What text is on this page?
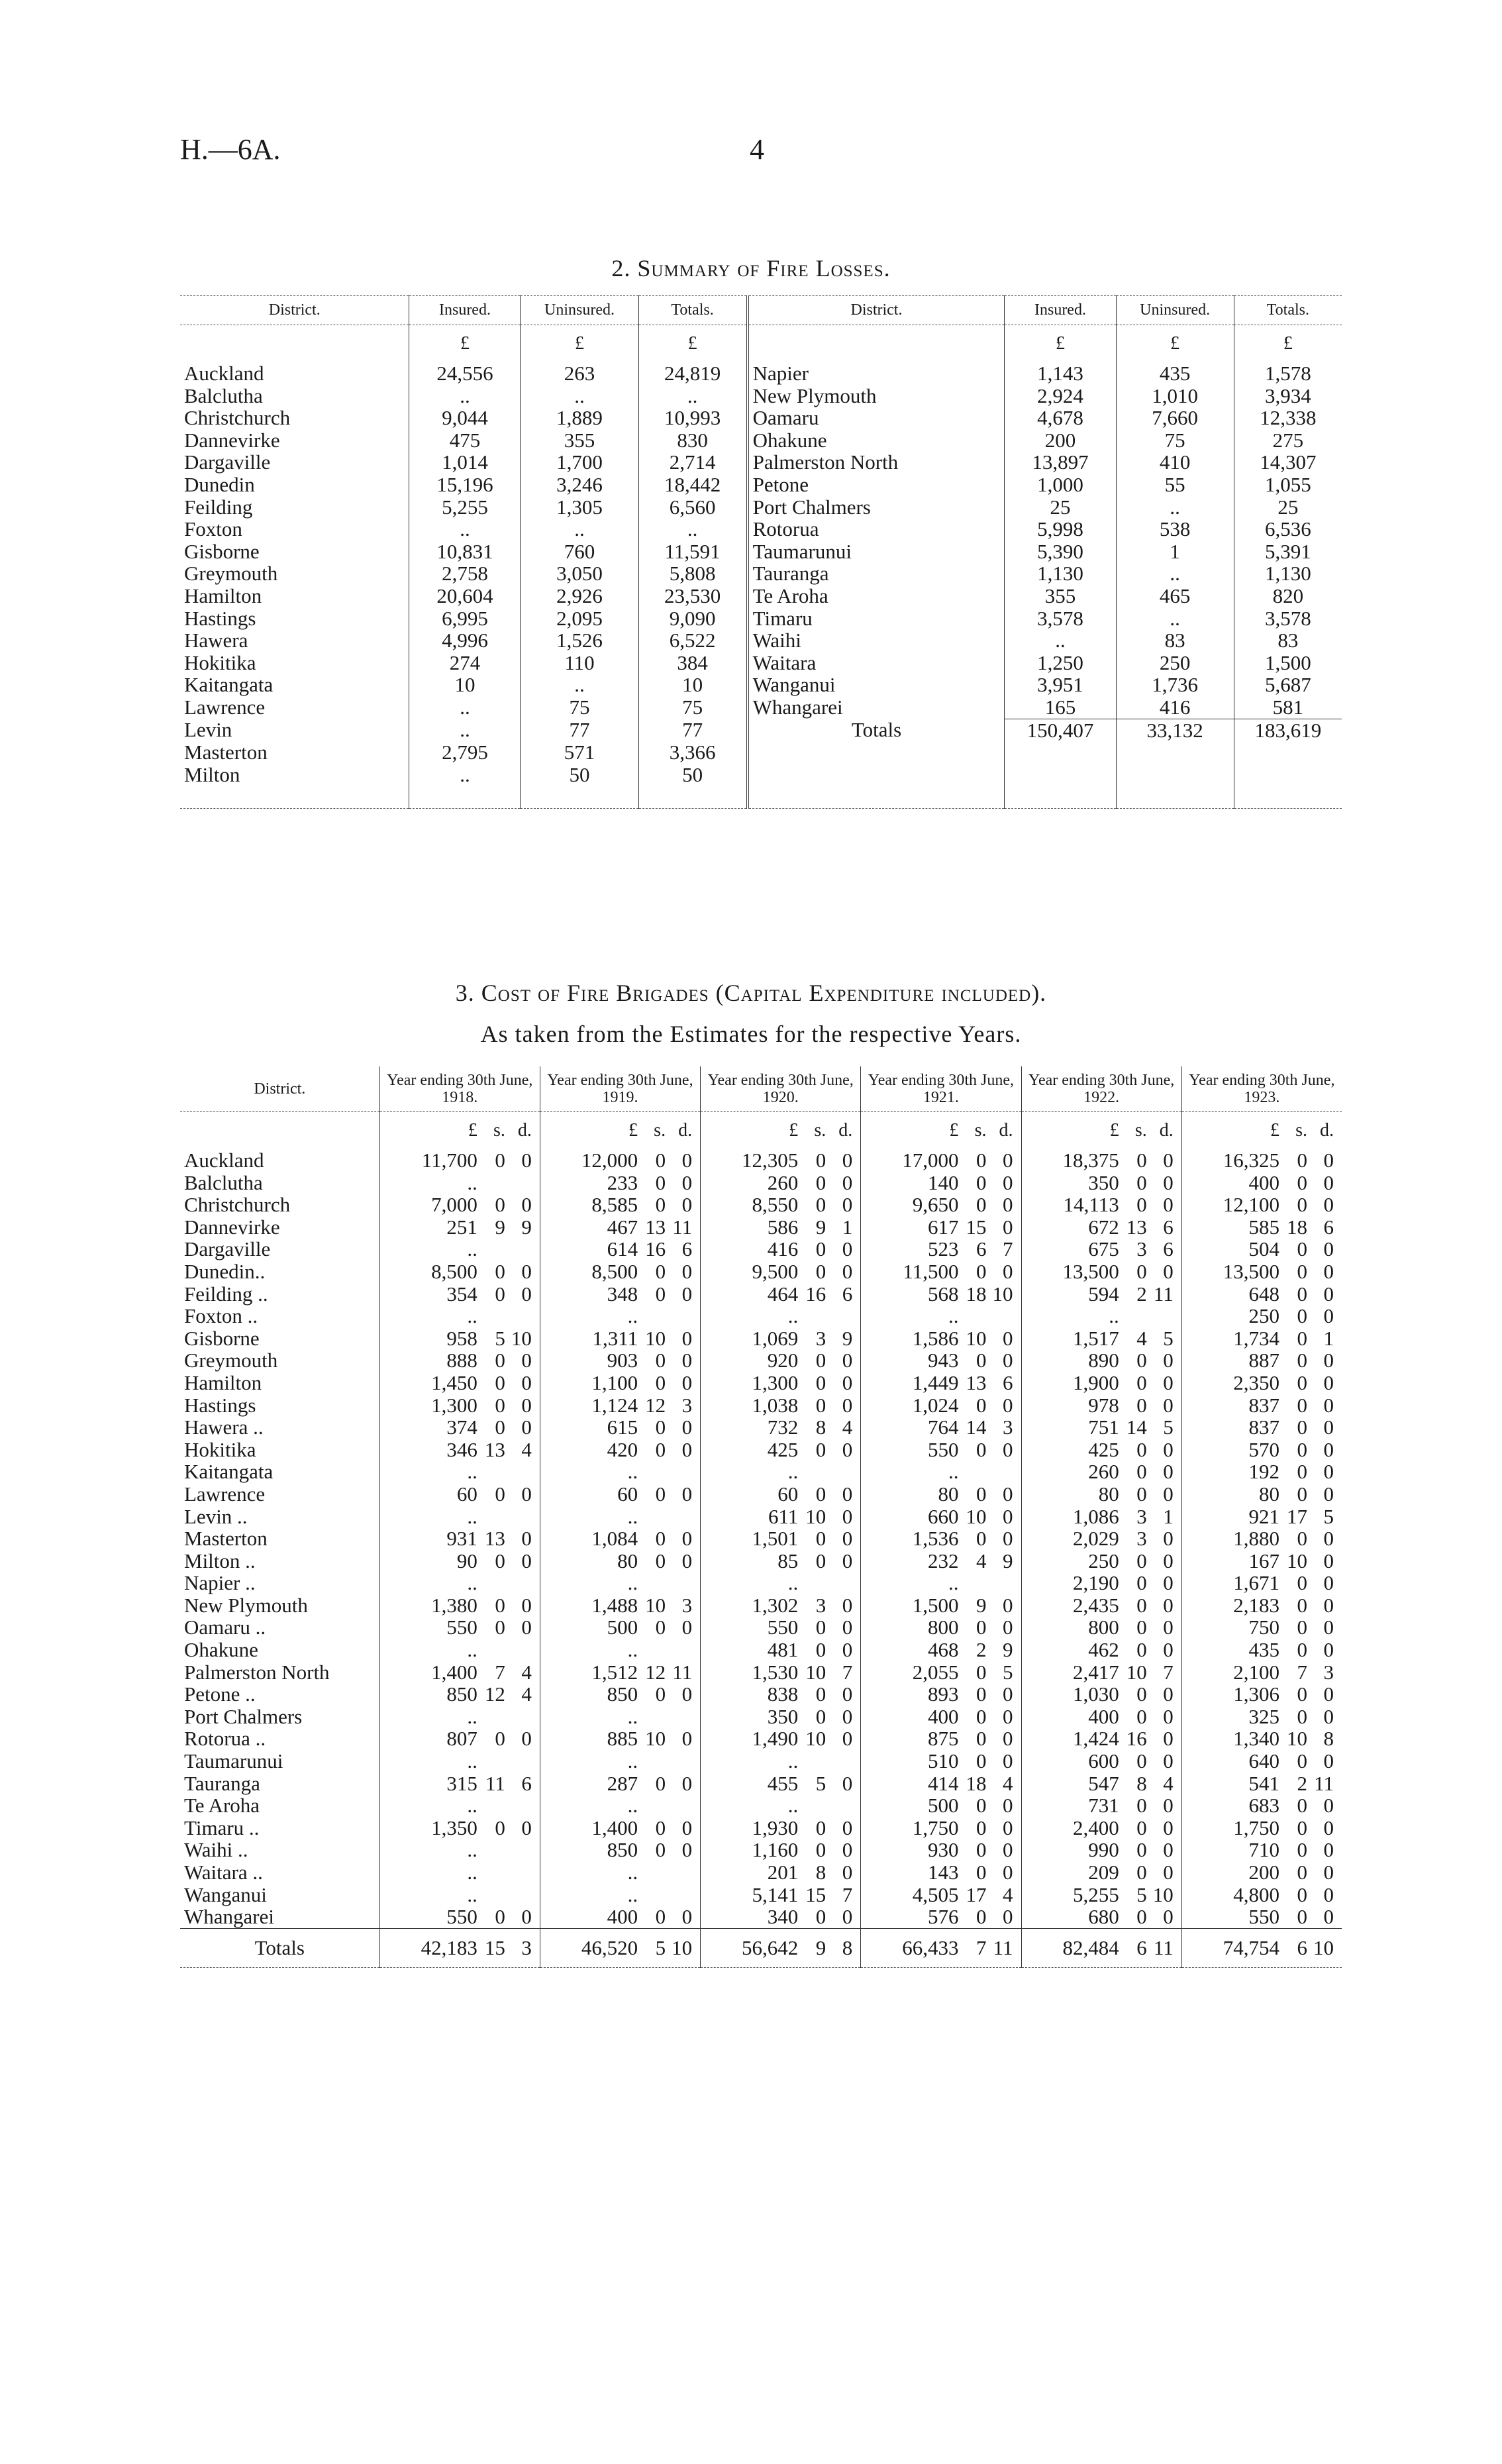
H.—6A.	4
2. Summary of Fire Losses.
District.	Insured.	Uninsured.	Totals.	District.	Insured.	Uninsured.	Totals.
	£	£	£		£	£	£
Auckland	24,556	263	24,819	Napier	1,143	435	1,578
Balclutha	..	..	..	New Plymouth	2,924	1,010	3,934
Christchurch	9,044	1,889	10,993	Oamaru	4,678	7,660	12,338
Dannevirke	475	355	830	Ohakune	200	75	275
Dargaville	1,014	1,700	2,714	Palmerston North	13,897	410	14,307
Dunedin	15,196	3,246	18,442	Petone	1,000	55	1,055
Feilding	5,255	1,305	6,560	Port Chalmers	25	..	25
Foxton	..	..	..	Rotorua	5,998	538	6,536
Gisborne	10,831	760	11,591	Taumarunui	5,390	1	5,391
Greymouth	2,758	3,050	5,808	Tauranga	1,130	..	1,130
Hamilton	20,604	2,926	23,530	Te Aroha	355	465	820
Hastings	6,995	2,095	9,090	Timaru	3,578	..	3,578
Hawera	4,996	1,526	6,522	Waihi	..	83	83
Hokitika	274	110	384	Waitara	1,250	250	1,500
Kaitangata	10	..	10	Wanganui	3,951	1,736	5,687
Lawrence	..	75	75	Whangarei	165	416	581
Levin	..	77	77	Totals	150,407	33,132	183,619
Masterton	2,795	571	3,366				
Milton	..	50	50				

3. Cost of Fire Brigades (Capital Expenditure included).
As taken from the Estimates for the respective Years.
District.	Year ending 30th June, 1918.	Year ending 30th June, 1919.	Year ending 30th June, 1920.	Year ending 30th June, 1921.	Year ending 30th June, 1922.	Year ending 30th June, 1923.

	£ s. d.	£ s. d.	£ s. d.	£ s. d.	£ s. d.	£ s. d.

Auckland	11,700 0 0	12,000 0 0	12,305 0 0	17,000 0 0	18,375 0 0	16,325 0 0

Balclutha	..	233 0 0	260 0 0	140 0 0	350 0 0	400 0 0

Christchurch	7,000 0 0	8,585 0 0	8,550 0 0	9,650 0 0	14,113 0 0	12,100 0 0

Dannevirke	251 9 9	467 13 11	586 9 1	617 15 0	672 13 6	585 18 6

Dargaville	..	614 16 6	416 0 0	523 6 7	675 3 6	504 0 0

Dunedin..	8,500 0 0	8,500 0 0	9,500 0 0	11,500 0 0	13,500 0 0	13,500 0 0

Feilding ..	354 0 0	348 0 0	464 16 6	568 18 10	594 2 11	648 0 0

Foxton ..	..	..	..	..	..	250 0 0

Gisborne	958 5 10	1,311 10 0	1,069 3 9	1,586 10 0	1,517 4 5	1,734 0 1

Greymouth	888 0 0	903 0 0	920 0 0	943 0 0	890 0 0	887 0 0

Hamilton	1,450 0 0	1,100 0 0	1,300 0 0	1,449 13 6	1,900 0 0	2,350 0 0

Hastings	1,300 0 0	1,124 12 3	1,038 0 0	1,024 0 0	978 0 0	837 0 0

Hawera ..	374 0 0	615 0 0	732 8 4	764 14 3	751 14 5	837 0 0

Hokitika	346 13 4	420 0 0	425 0 0	550 0 0	425 0 0	570 0 0

Kaitangata	..	..	..	..	260 0 0	192 0 0

Lawrence	60 0 0	60 0 0	60 0 0	80 0 0	80 0 0	80 0 0

Levin ..	..	..	611 10 0	660 10 0	1,086 3 1	921 17 5

Masterton	931 13 0	1,084 0 0	1,501 0 0	1,536 0 0	2,029 3 0	1,880 0 0

Milton ..	90 0 0	80 0 0	85 0 0	232 4 9	250 0 0	167 10 0

Napier ..	..	..	..	..	2,190 0 0	1,671 0 0

New Plymouth	1,380 0 0	1,488 10 3	1,302 3 0	1,500 9 0	2,435 0 0	2,183 0 0

Oamaru ..	550 0 0	500 0 0	550 0 0	800 0 0	800 0 0	750 0 0

Ohakune	..	..	481 0 0	468 2 9	462 0 0	435 0 0

Palmerston North	1,400 7 4	1,512 12 11	1,530 10 7	2,055 0 5	2,417 10 7	2,100 7 3

Petone ..	850 12 4	850 0 0	838 0 0	893 0 0	1,030 0 0	1,306 0 0

Port Chalmers	..	..	350 0 0	400 0 0	400 0 0	325 0 0

Rotorua ..	807 0 0	885 10 0	1,490 10 0	875 0 0	1,424 16 0	1,340 10 8

Taumarunui	..	..	..	510 0 0	600 0 0	640 0 0

Tauranga	315 11 6	287 0 0	455 5 0	414 18 4	547 8 4	541 2 11

Te Aroha	..	..	..	500 0 0	731 0 0	683 0 0

Timaru ..	1,350 0 0	1,400 0 0	1,930 0 0	1,750 0 0	2,400 0 0	1,750 0 0

Waihi ..	..	850 0 0	1,160 0 0	930 0 0	990 0 0	710 0 0

Waitara ..	..	..	201 8 0	143 0 0	209 0 0	200 0 0

Wanganui	..	..	5,141 15 7	4,505 17 4	5,255 5 10	4,800 0 0

Whangarei	550 0 0	400 0 0	340 0 0	576 0 0	680 0 0	550 0 0

Totals	42,183 15 3	46,520 5 10	56,642 9 8	66,433 7 11	82,484 6 11	74,754 6 10
